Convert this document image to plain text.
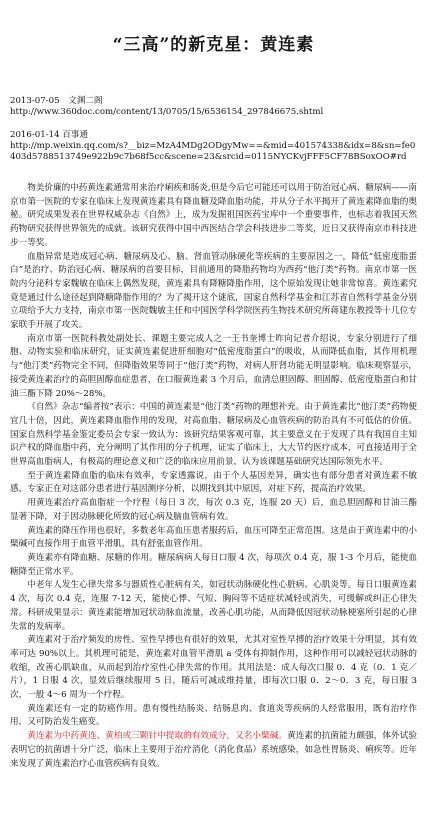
“三高”的新克星：黄连素

2013-07-05　文渊二阁

http://www.360doc.com/content/13/0705/15/6536154_297846675.shtml

2016-01-14 百事通

http://mp.weixin.qq.com/s?__biz=MzA4MDg2ODgyMw==&mid=401574338&idx=8&sn=fe0403d5788513749e922b9c7b68f5cc&scene=23&srcid=0115NYCKvjFFF5CF78BSoxOO#rd

物美价廉的中药黄连素通常用来治疗痢疾和肠炎,但是今后它可能还可以用于防治冠心病、糖尿病——南京市第一医院的专家在临床上发现黄连素具有降血糖及降血脂功能，并从分子水平揭开了黄连素降血脂的奥秘。研究成果发表在世界权威杂志《自然》上，成为发掘祖国医药宝库中一个重要事件，也标志着我国天然药物研究获得世界领先的成就。该研究获得中国中西医结合学会科技进步二等奖，近日又获得南京市科技进步一等奖。

血脂异常是造成冠心病、糖尿病及心、脑、肾血管动脉硬化等疾病的主要原因之一，降低“低密度脂蛋白”是治疗、防治冠心病、糖尿病的首要目标，目前通用的降脂药物均为西药“他汀类”药物。南京市第一医院内分泌科专家魏敏在临床上偶然发现，黄连素具有降糖降脂作用，这个原始发现让她非常惊喜。黄连素究竟是通过什么途径起到降糖降脂作用的？为了揭开这个谜底，国家自然科学基金和江苏省自然科学基金分别立项给予大力支持，南京市第一医院魏敏主任和中国医学科学院医药生物技术研究所蒋建东教授等十几位专家联手开展了攻关。

南京市第一医院科教处副处长、课题主要完成人之一王书奎博士昨向记者介绍说，专家分别进行了细胞、动物实验和临床研究，证实黄连素促进肝细胞对“低密度脂蛋白”的吸收，从而降低血脂，其作用机理与“他汀类”药物完全不同，但降脂效果等同于“他汀类”药物，对病人肝肾功能无明显影响。临床观察显示，接受黄连素治疗的高胆固醇血症患者，在口服黄连素 3 个月后，血清总胆固醇、胆固醇、低密度脂蛋白和甘油三酯下降 20%～28%。

《自然》杂志“编者按”表示：中国的黄连素是“他汀类”药物的理想补充。由于黄连素比“他汀类”药物便宜几十倍，因此，黄连素降血脂作用的发现，对高血脂、糖尿病及心血管疾病的防治具有不可低估的价值。国家自然科学基金鉴定委员会专家一致认为：该研究结果客观可靠，其主要意义在于发现了具有我国自主知识产权的降血脂中药，充分阐明了其作用的分子机理，证实了临床上，大大节约医疗成本，可直接适用于全世界高血脂病人，有极高的理论意义和广泛的临床应用前景，认为该课题基础研究达国际领先水平。

至于黄连素降血脂的临床有效率，专家透露说，由于个人基因差异，确实也有部分患者对黄连素不敏感，专家正在对这部分患者进行基因测序分析，以期找到其中原因，对症下药，提高治疗效果。

用黄连素治疗高血脂症一个疗程（每日 3 次，每次 0.3 克，连服 20 天）后，血总胆固醇和甘油三酯显著下降，对于因动脉硬化所致的冠心病及脑血管病有效。

黄连素的降压作用也很好，多数老年高血压患者服药后，血压可降至正常范围。这是由于黄连素中的小檗碱可直接作用于血管平滑肌，具有舒张血管作用。

黄连素亦有降血糖、尿糖的作用。糖尿病病人每日口服 4 次，每项次 0.4 克，服 1-3 个月后，能使血糖降至正常水平。

中老年人发生心律失常多与器质性心脏病有关，如冠状动脉硬化性心脏病、心肌炎等。每日口服黄连素 4 次，每次 0.4 克，连服 7-12 天，能使心悸、气短、胸闷等不适症状减轻或消失，可缓解或纠正心律失常。科研成果显示：黄连素能增加冠状动脉血流量，改善心肌功能，从而降低因冠状动脉梗塞所引起的心律失常的发病率。

黄连素对于治疗频发的房性、室性早搏也有很好的效果，尤其对室性早搏的治疗效果十分明显，其有效率可达 90%以上。其机理可能是，黄连素对血管平滑肌 a 受体有抑制作用，这种作用可以减轻冠状动脉的收缩，改善心肌缺血，从而起到治疗室性心律失常的作用。其用法是：成人每次口服 0．4 克（0．1 克／片），1 日服 4 次，显效后继续服用 5 日，随后可减成维持量，即每次口服 0．2～0．3 克，每日服 3 次，一般 4～6 周为一个疗程。

黄连素还有一定的防癌作用。患有慢性结肠炎、结肠息肉、食道炎等疾病的人经常服用，既有治疗作用，又可防治发生癌变。

黄连素为中药黄连、黄柏或三颗针中提取的有效成分，又名小檗碱。黄连素的抗菌能力颇强，体外试验表明它的抗菌谱十分广泛，临床上主要用于治疗消化（消化食品）系统感染，如急性胃肠炎、痢疾等。近年来发现了黄连素治疗心血管疾病有良效。
